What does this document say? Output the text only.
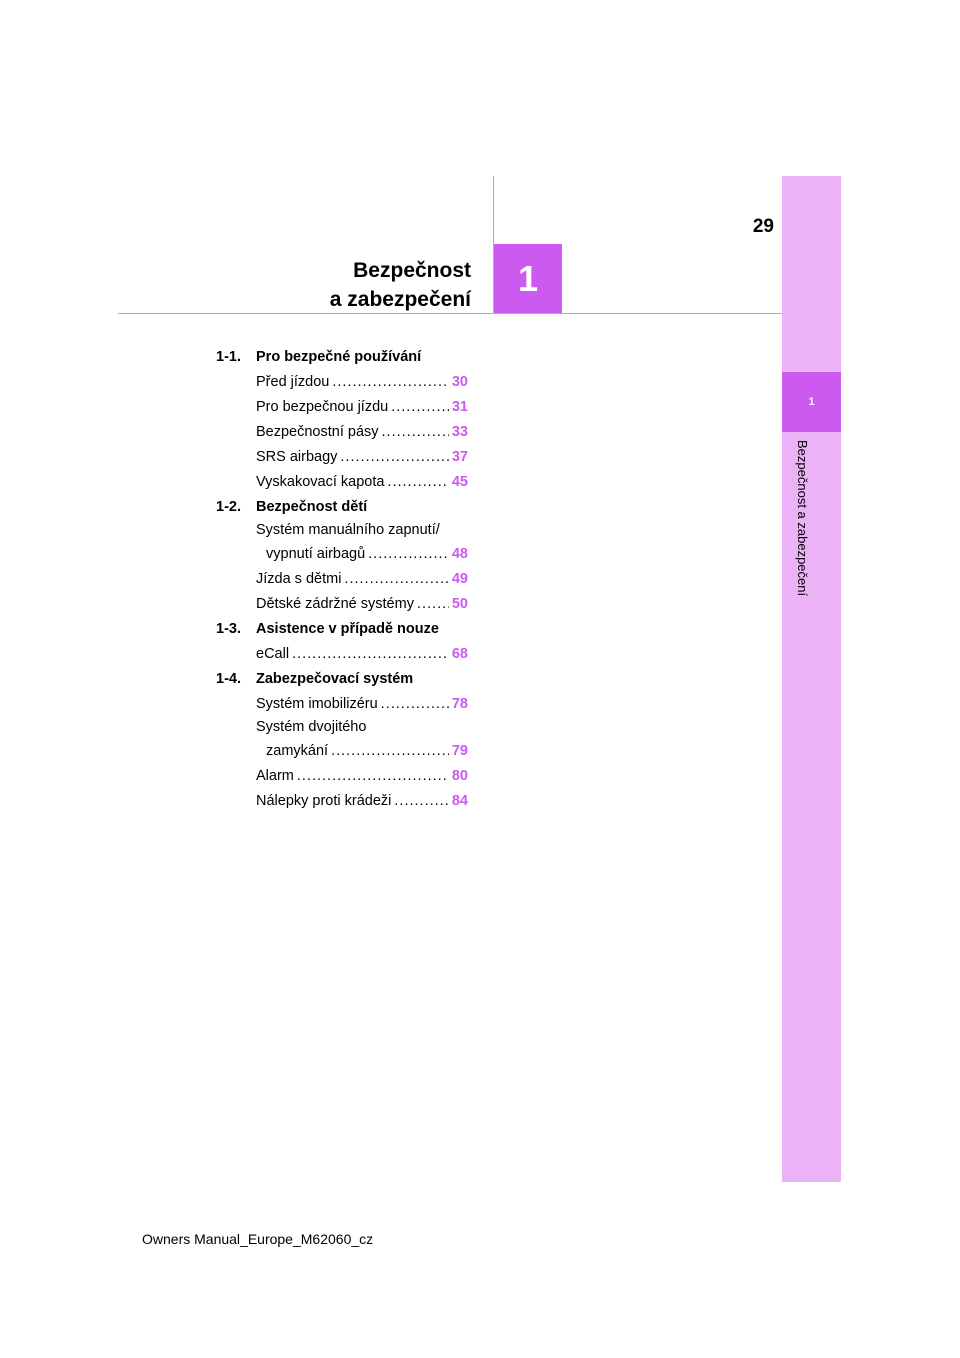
29
Bezpečnost
a zabezpečení
1
1
Bezpečnost a zabezpečení
1-1.	Pro bezpečné používání
Před jízdou .....	30
Pro bezpečnou jízdu .....	31
Bezpečnostní pásy .....	33
SRS airbagy .....	37
Vyskakovací kapota .....	45
1-2.	Bezpečnost dětí
Systém manuálního zapnutí/
vypnutí airbagů .....	48
Jízda s dětmi .....	49
Dětské zádržné systémy .....	50
1-3.	Asistence v případě nouze
eCall .....	68
1-4.	Zabezpečovací systém
Systém imobilizéru .....	78
Systém dvojitého
zamykání .....	79
Alarm .....	80
Nálepky proti krádeži .....	84
Owners Manual_Europe_M62060_cz
